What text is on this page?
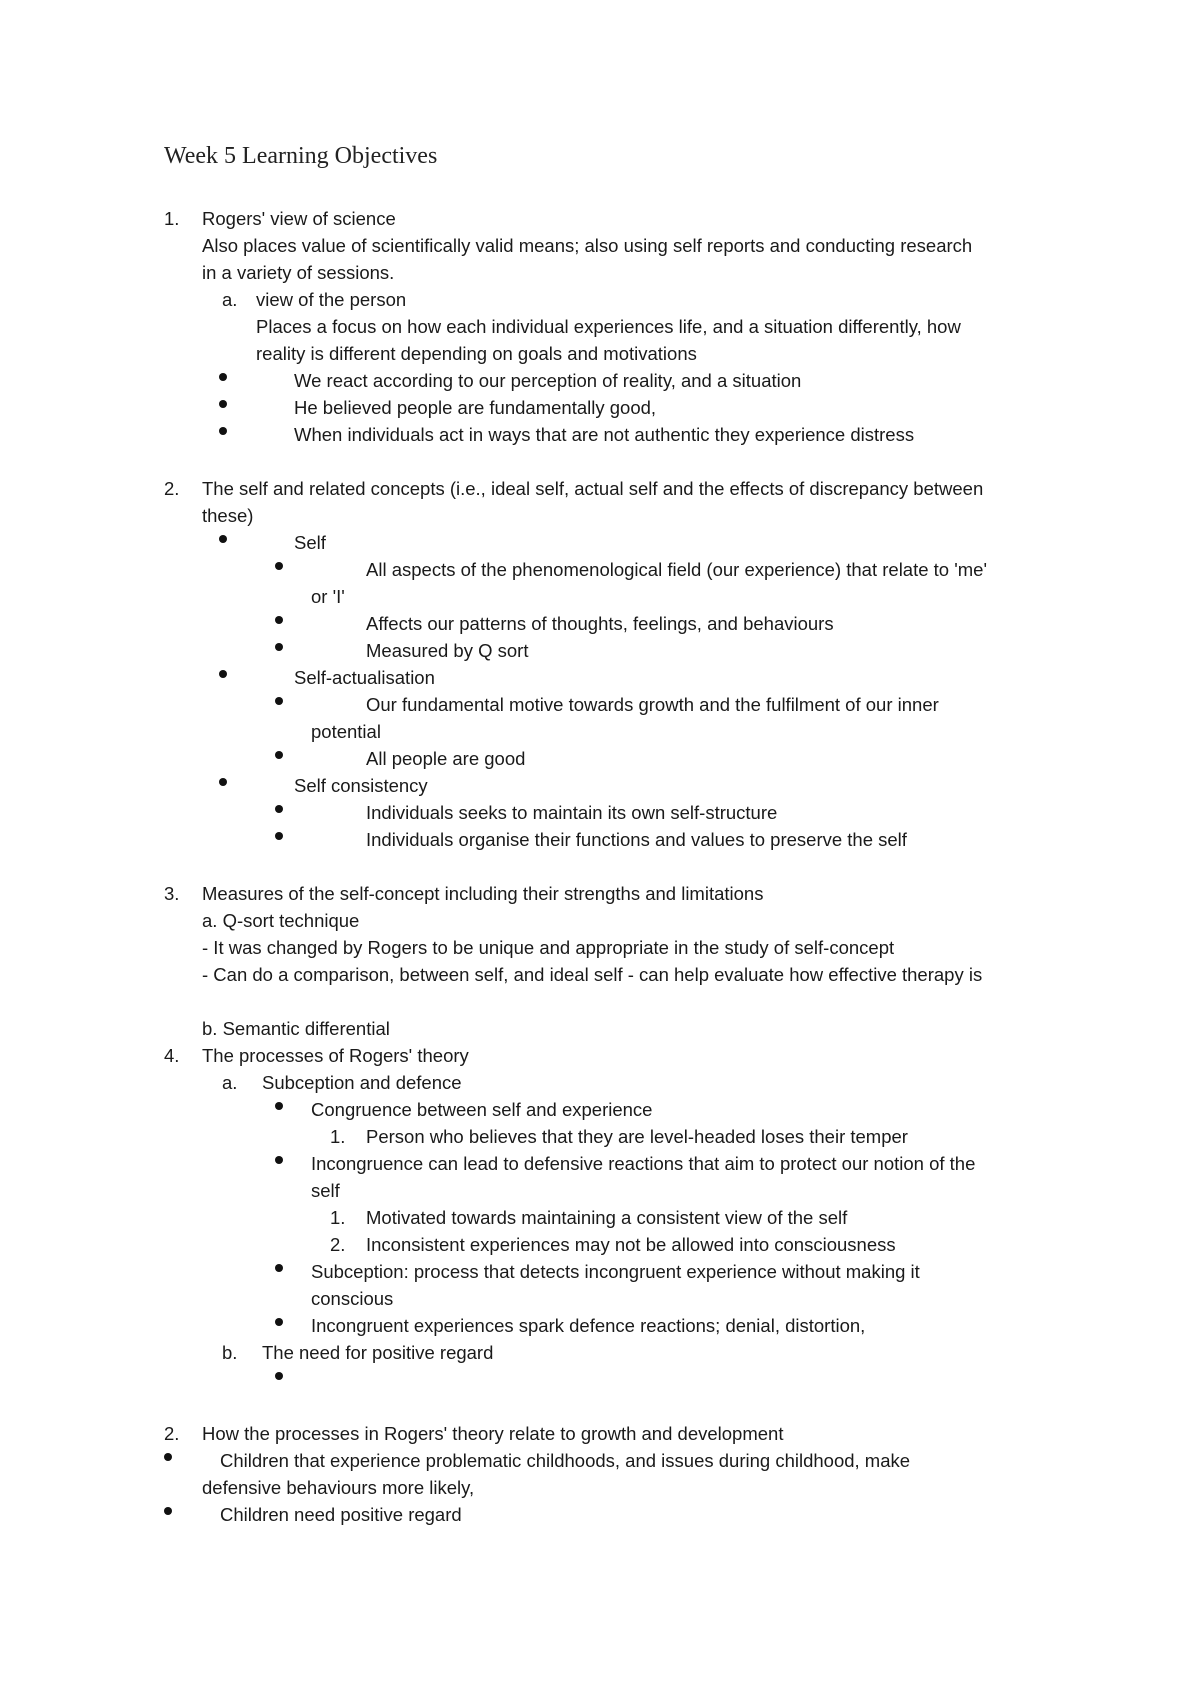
Week 5 Learning Objectives
1. Rogers' view of science
Also places value of scientifically valid means; also using self reports and conducting research
in a variety of sessions.
a. view of the person
Places a focus on how each individual experiences life, and a situation differently, how
reality is different depending on goals and motivations
We react according to our perception of reality, and a situation
He believed people are fundamentally good,
When individuals act in ways that are not authentic they experience distress
2. The self and related concepts (i.e., ideal self, actual self and the effects of discrepancy between
these)
Self
All aspects of the phenomenological field (our experience) that relate to 'me'
or 'I'
Affects our patterns of thoughts, feelings, and behaviours
Measured by Q sort
Self-actualisation
Our fundamental motive towards growth and the fulfilment of our inner
potential
All people are good
Self consistency
Individuals seeks to maintain its own self-structure
Individuals organise their functions and values to preserve the self
3. Measures of the self-concept including their strengths and limitations
a. Q-sort technique
- It was changed by Rogers to be unique and appropriate in the study of self-concept
- Can do a comparison, between self, and ideal self - can help evaluate how effective therapy is
b. Semantic differential
4. The processes of Rogers' theory
a. Subception and defence
Congruence between self and experience
1. Person who believes that they are level-headed loses their temper
Incongruence can lead to defensive reactions that aim to protect our notion of the
self
1. Motivated towards maintaining a consistent view of the self
2. Inconsistent experiences may not be allowed into consciousness
Subception: process that detects incongruent experience without making it
conscious
Incongruent experiences spark defence reactions; denial, distortion,
b. The need for positive regard
2. How the processes in Rogers' theory relate to growth and development
Children that experience problematic childhoods, and issues during childhood, make
defensive behaviours more likely,
Children need positive regard
